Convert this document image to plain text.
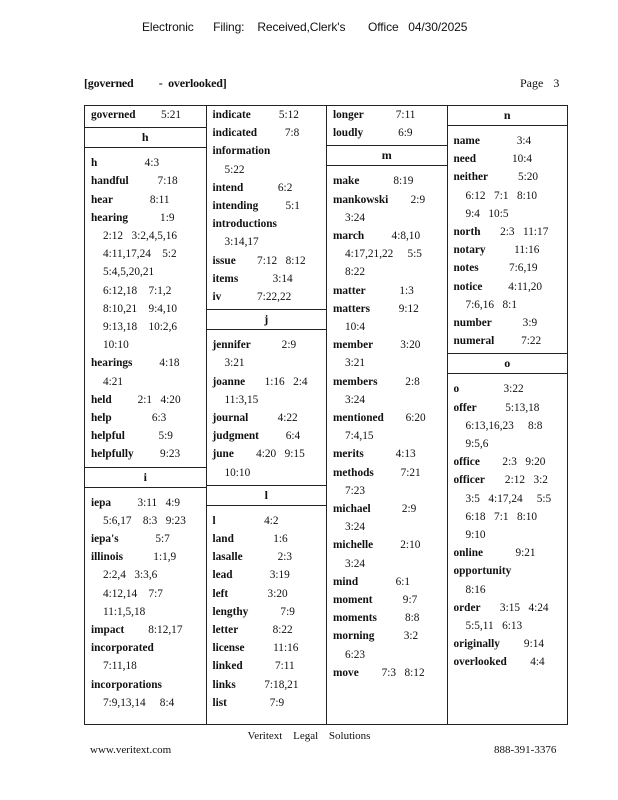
Electronic      Filing:    Received,Clerk's       Office   04/30/2025
[governed         -  overlooked]	Page 3
governed	5:21
h
h	4:3
handful	7:18
hear	8:11
hearing	1:9
2:12   3:2,4,5,16
4:11,17,24    5:2
5:4,5,20,21
6:12,18    7:1,2
8:10,21    9:4,10
9:13,18    10:2,6
10:10
hearings	4:18
4:21
held	2:1   4:20
help	6:3
helpful	5:9
helpfully	9:23
i
iepa	3:11   4:9
5:6,17    8:3   9:23
iepa's	5:7
illinois	1:1,9
2:2,4   3:3,6
4:12,14    7:7
11:1,5,18
impact	8:12,17
incorporated
7:11,18
incorporations
7:9,13,14     8:4
indicate	5:12
indicated	7:8
information
5:22
intend	6:2
intending	5:1
introductions
3:14,17
issue	7:12   8:12
items	3:14
iv	7:22,22
j
jennifer	2:9
3:21
joanne	1:16   2:4
11:3,15
journal	4:22
judgment	6:4
june	4:20   9:15
10:10
l
l	4:2
land	1:6
lasalle	2:3
lead	3:19
left	3:20
lengthy	7:9
letter	8:22
license	11:16
linked	7:11
links	7:18,21
list	7:9
longer	7:11
loudly	6:9
m
make	8:19
mankowski	2:9
3:24
march	4:8,10
4:17,21,22     5:5
8:22
matter	1:3
matters	9:12
10:4
member	3:20
3:21
members	2:8
3:24
mentioned	6:20
7:4,15
merits	4:13
methods	7:21
7:23
michael	2:9
3:24
michelle	2:10
3:24
mind	6:1
moment	9:7
moments	8:8
morning	3:2
6:23
move	7:3   8:12
n
name	3:4
need	10:4
neither	5:20
6:12   7:1   8:10
9:4   10:5
north	2:3   11:17
notary	11:16
notes	7:6,19
notice	4:11,20
7:6,16   8:1
number	3:9
numeral	7:22
o
o	3:22
offer	5:13,18
6:13,16,23     8:8
9:5,6
office	2:3   9:20
officer	2:12   3:2
3:5   4:17,24     5:5
6:18   7:1   8:10
9:10
online	9:21
opportunity
8:16
order	3:15   4:24
5:5,11   6:13
originally	9:14
overlooked	4:4
Veritext Legal Solutions
www.veritext.com	888-391-3376
